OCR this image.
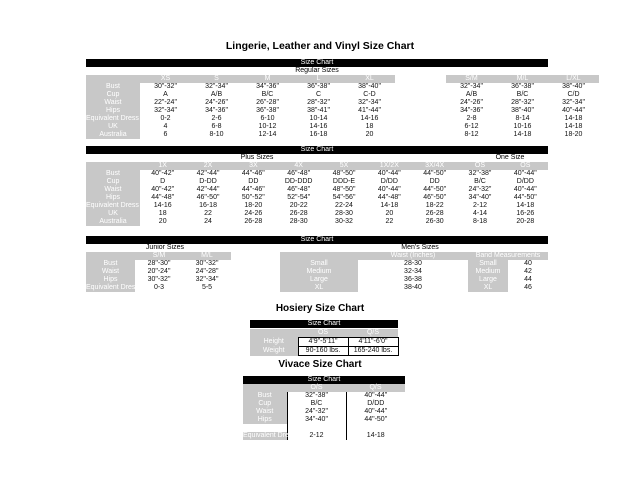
Lingerie, Leather and Vinyl Size Chart
Size Chart
Regular Sizes
	XS	S	M	L	XL		S/M	M/L	L/XL
Bust	30"-32"	32"-34"	34"-36"	36"-38"	38"-40"		32"-34"	36"-38"	38"-40"
Cup	A	A/B	B/C	C	C-D		A/B	B/C	C/D
Waist	22"-24"	24"-26"	26"-28"	28"-32"	32"-34"		24"-26"	28"-32"	32"-34"
Hips	32"-34"	34"-36"	36"-38"	38"-41"	41"-44"		34"-36"	38"-40"	40"-44"
Equivalent Dress Size	0-2	2-6	6-10	10-14	14-16		2-8	8-14	14-18
UK	4	6-8	10-12	14-16	18		6-12	10-16	14-18
Australia	6	8-10	12-14	16-18	20		8-12	14-18	18-20
Size Chart
Plus Sizes	One Size
	1X	2X	3X	4X	5X	1X/2X	3X/4X	OS	OS
Bust	40"-42"	42"-44"	44"-46"	46"-48"	48"-50"	40"-44"	44"-50"	32"-38"	40"-44"
Cup	D	D-DD	DD	DD-DDD	DDD-E	D/DD	DD	B/C	D/DD
Waist	40"-42"	42"-44"	44"-46"	46"-48"	48"-50"	40"-44"	44"-50"	24"-32"	40"-44"
Hips	44"-48"	46"-50"	50"-52"	52"-54"	54"-56"	44"-48"	46"-50"	34"-40"	44"-50"
Equivalent Dress Size	14-16	16-18	18-20	20-22	22-24	14-18	18-22	2-12	14-18
UK	18	22	24-26	26-28	28-30	20	26-28	4-14	16-26
Australia	20	24	26-28	28-30	30-32	22	26-30	8-18	20-28
Size Chart
Junior Sizes	Men's Sizes
	S/M	M/L
Bust	28"-30"	30"-32"
Waist	20"-24"	24"-28"
Hips	30"-32"	32"-34"
Equivalent Dress Size	0-3	5-5
	Waist (Inches)	Band Measurements	
Small	28-30	Small	40
Medium	32-34	Medium	42
Large	36-38	Large	44
XL	38-40	XL	46
Hosiery Size Chart
Size Chart
	OS	Q/S
Height	4'9"-5'11"	4'11"-6'0"
Weight	90-160 lbs.	165-240 lbs.
Vivace Size Chart
Size Chart
	O/S	Q/S
Bust	32"-38"	40"-44"
Cup	B/C	D/DD
Waist	24"-32"	40"-44"
Hips	34"-40"	44"-50"

Equivalent Dress Size	2-12	14-18
